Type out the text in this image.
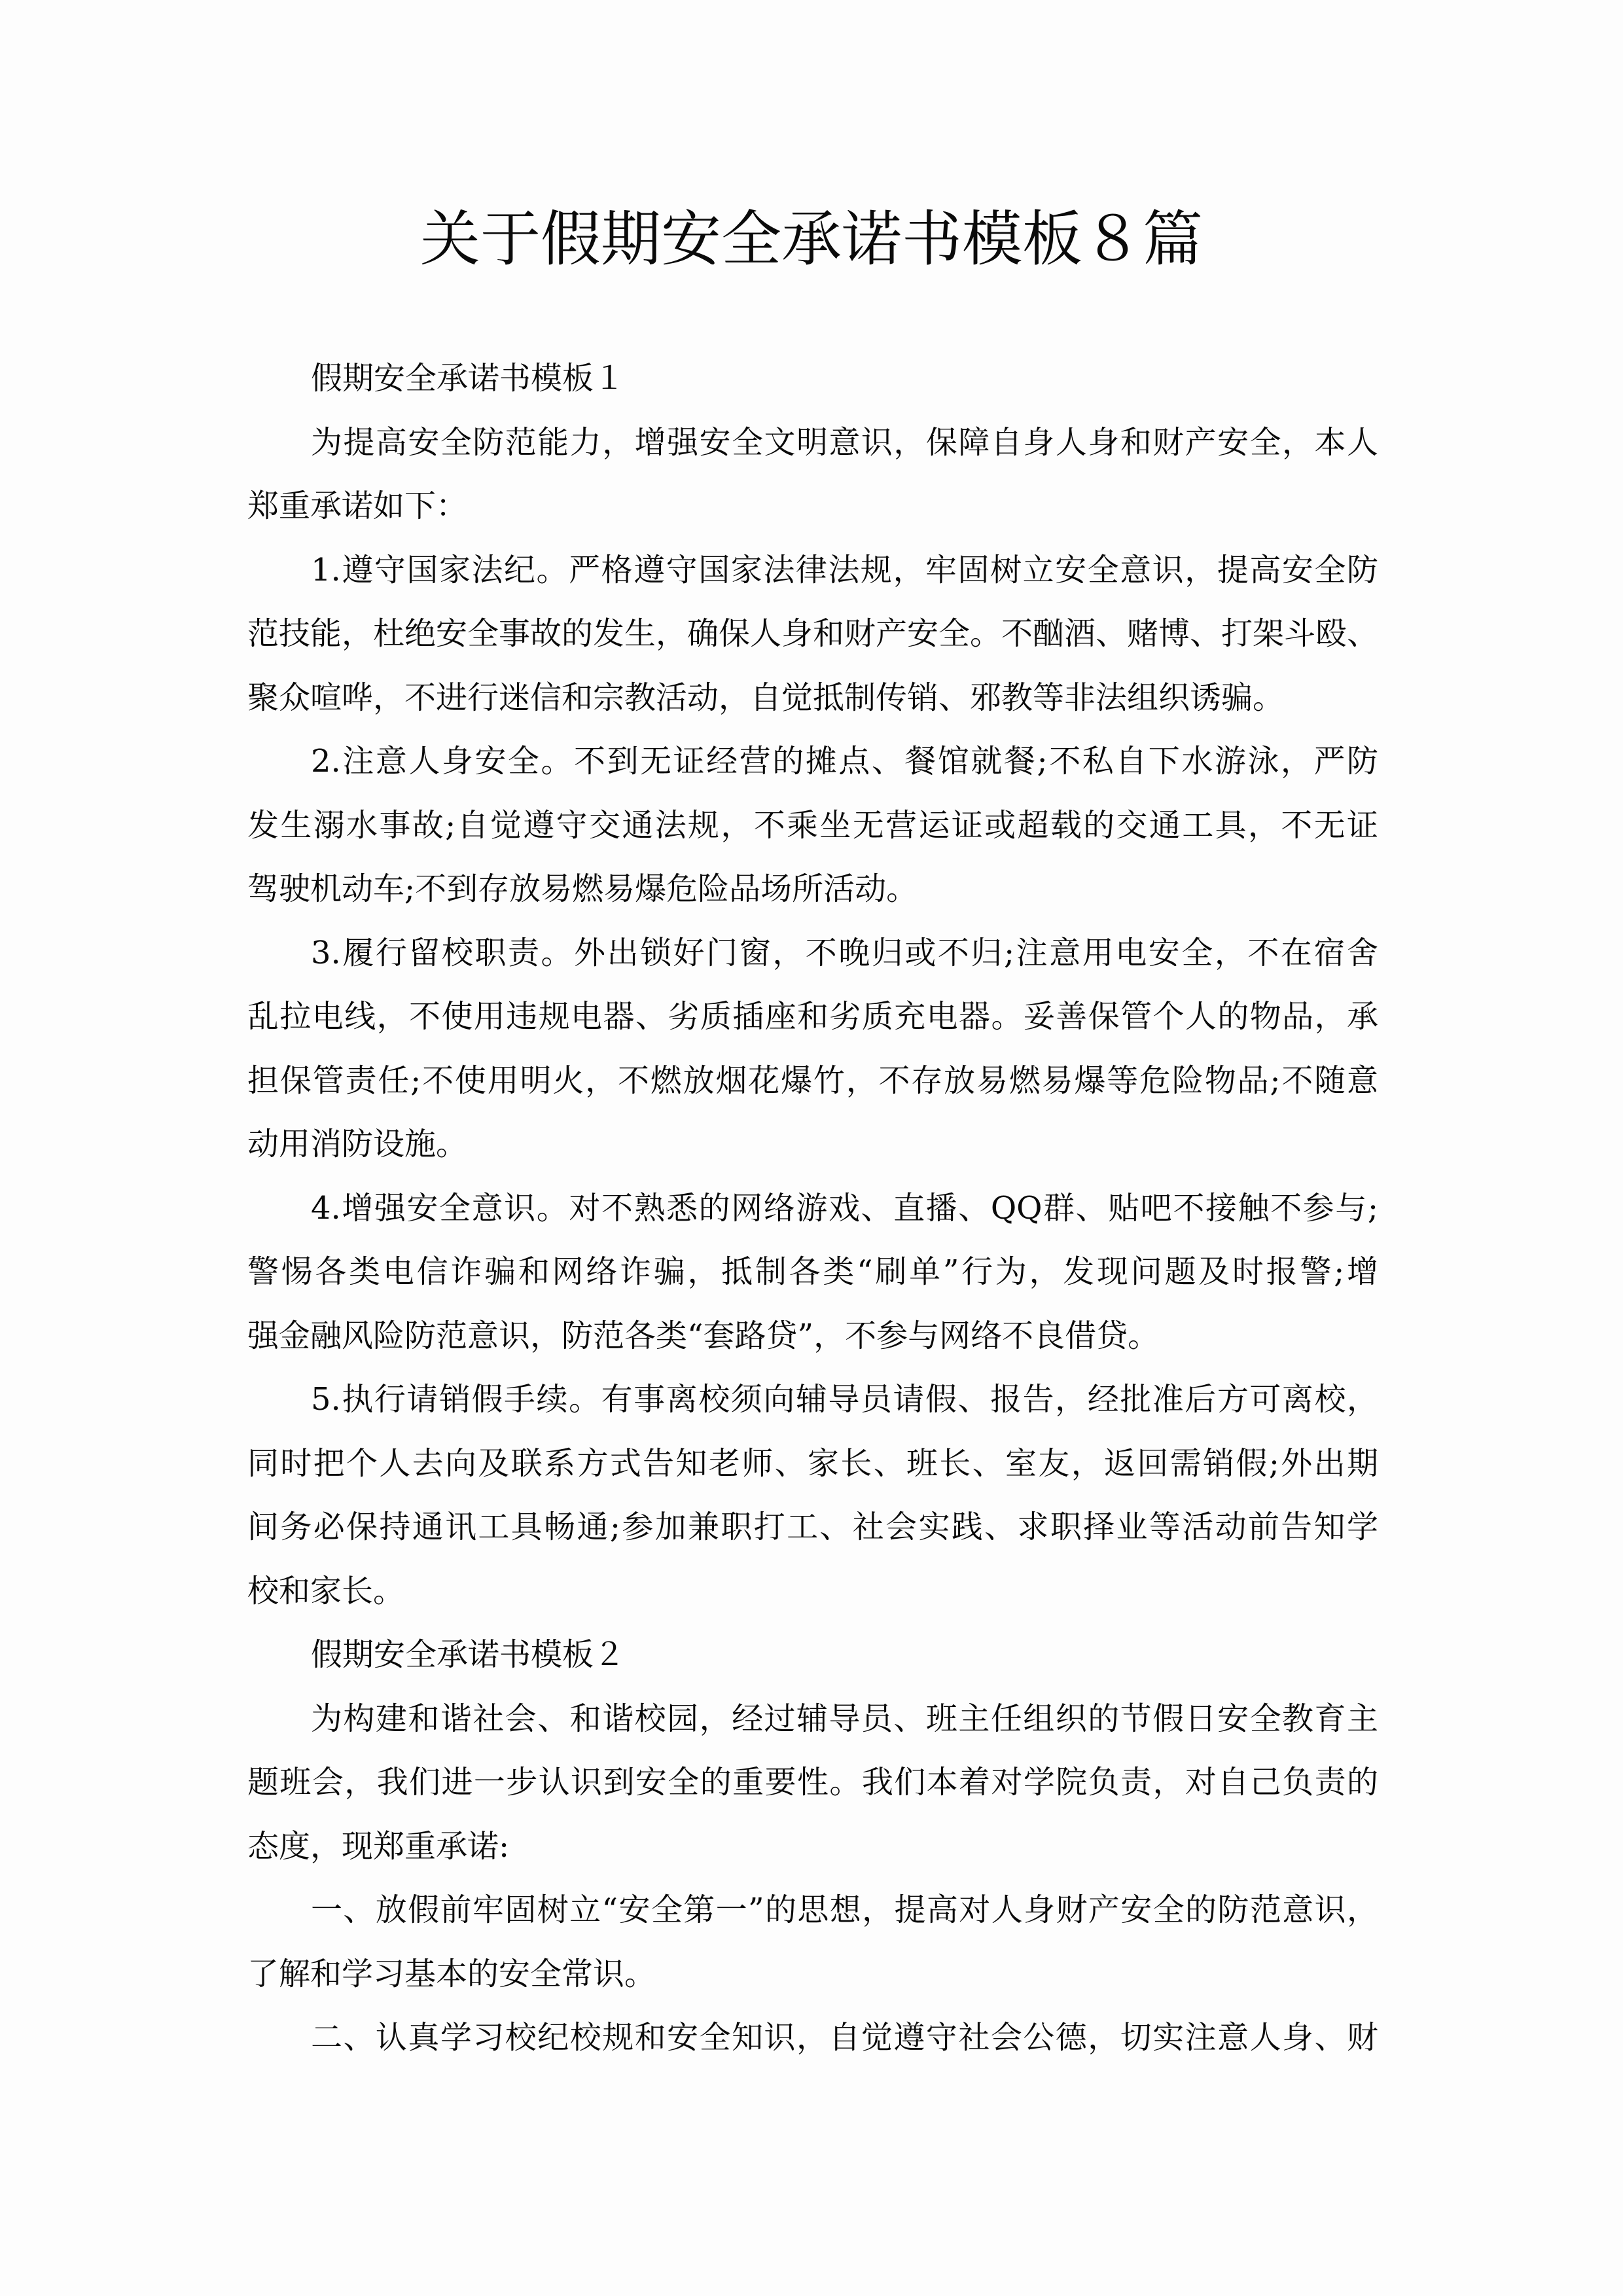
关于假期安全承诺书模板８篇
假期安全承诺书模板１
为提高安全防范能力，增强安全文明意识，保障自身人身和财产安全，本人
郑重承诺如下：
1.遵守国家法纪。严格遵守国家法律法规，牢固树立安全意识，提高安全防
范技能，杜绝安全事故的发生，确保人身和财产安全。不酗酒、赌博、打架斗殴、
聚众喧哗，不进行迷信和宗教活动，自觉抵制传销、邪教等非法组织诱骗。
2.注意人身安全。不到无证经营的摊点、餐馆就餐;不私自下水游泳，严防
发生溺水事故;自觉遵守交通法规，不乘坐无营运证或超载的交通工具，不无证
驾驶机动车;不到存放易燃易爆危险品场所活动。
3.履行留校职责。外出锁好门窗，不晚归或不归;注意用电安全，不在宿舍
乱拉电线，不使用违规电器、劣质插座和劣质充电器。妥善保管个人的物品，承
担保管责任;不使用明火，不燃放烟花爆竹，不存放易燃易爆等危险物品;不随意
动用消防设施。
4.增强安全意识。对不熟悉的网络游戏、直播、QQ群、贴吧不接触不参与;
警惕各类电信诈骗和网络诈骗，抵制各类“刷单”行为，发现问题及时报警;增
强金融风险防范意识，防范各类“套路贷”，不参与网络不良借贷。
5.执行请销假手续。有事离校须向辅导员请假、报告，经批准后方可离校，
同时把个人去向及联系方式告知老师、家长、班长、室友，返回需销假;外出期
间务必保持通讯工具畅通;参加兼职打工、社会实践、求职择业等活动前告知学
校和家长。
假期安全承诺书模板２
为构建和谐社会、和谐校园，经过辅导员、班主任组织的节假日安全教育主
题班会，我们进一步认识到安全的重要性。我们本着对学院负责，对自己负责的
态度，现郑重承诺:
一、放假前牢固树立“安全第一”的思想，提高对人身财产安全的防范意识，
了解和学习基本的安全常识。
二、认真学习校纪校规和安全知识，自觉遵守社会公德，切实注意人身、财
